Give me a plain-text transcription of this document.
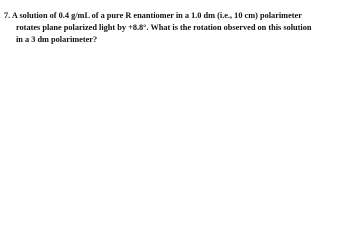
7. A solution of 0.4 g/mL of a pure R enantiomer in a 1.0 dm (i.e., 10 cm) polarimeter
rotates plane polarized light by +8.8°. What is the rotation observed on this solution
in a 3 dm polarimeter?
